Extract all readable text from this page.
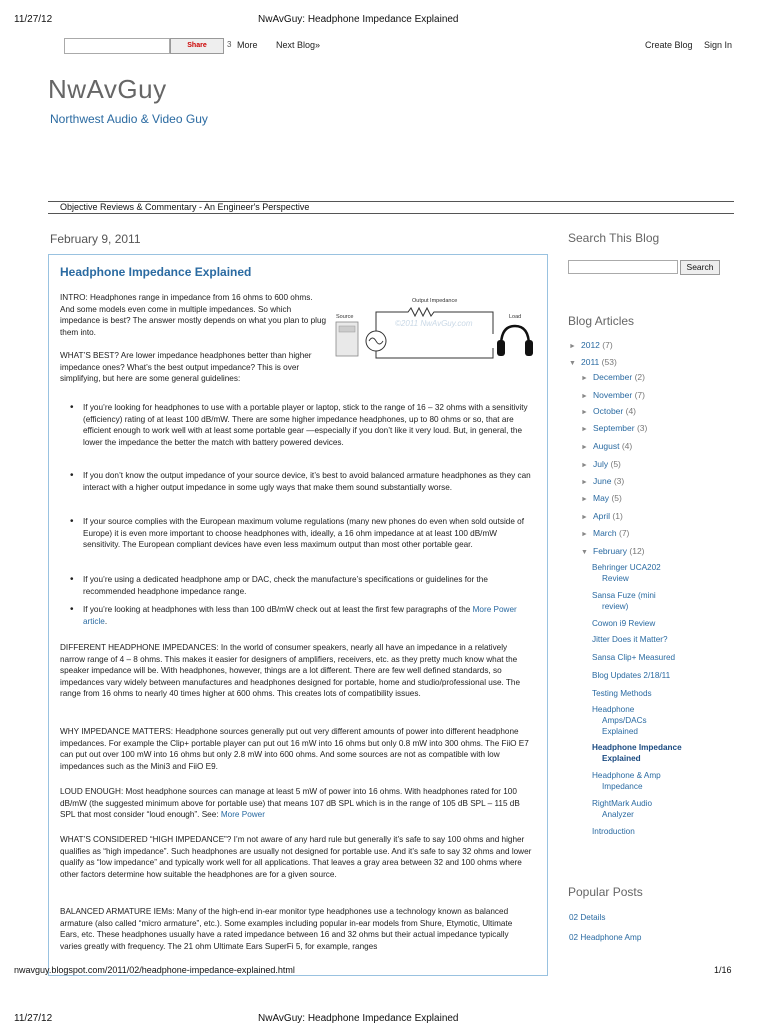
11/27/12	NwAvGuy: Headphone Impedance Explained
Share	3 More Next Blog»	Create Blog Sign In
NwAvGuy
Northwest Audio & Video Guy
Objective Reviews & Commentary - An Engineer's Perspective
February 9, 2011
Headphone Impedance Explained

INTRO: Headphones range in impedance from 16 ohms to 600 ohms. And some models even come in multiple impedances. So which impedance is best? The answer mostly depends on what you plan to plug them into.

WHAT’S BEST? Are lower impedance headphones better than higher impedance ones? What’s the best output impedance? This is over simplifying, but here are some general guidelines:

Output Impedance
Source	Load
©2011 NwAvGuy.com
• If you’re looking for headphones to use with a portable player or laptop, stick to the range of 16 – 32 ohms with a sensitivity (efficiency) rating of at least 100 dB/mW. There are some higher impedance headphones, up to 80 ohms or so, that are efficient enough to work well with at least some portable gear —especially if you don’t like it very loud. But, in general, the lower the impedance the better the match with battery powered devices.
• If you don’t know the output impedance of your source device, it’s best to avoid balanced armature headphones as they can interact with a higher output impedance in some ugly ways that make them sound substantially worse.
• If your source complies with the European maximum volume regulations (many new phones do even when sold outside of Europe) it is even more important to choose headphones with, ideally, a 16 ohm impedance at at least 100 dB/mW sensitivity. The European compliant devices have even less maximum output than most other portable gear.
• If you’re using a dedicated headphone amp or DAC, check the manufacture’s specifications or guidelines for the recommended headphone impedance range.
• If you’re looking at headphones with less than 100 dB/mW check out at least the first few paragraphs of the More Power article.

DIFFERENT HEADPHONE IMPEDANCES: In the world of consumer speakers, nearly all have an impedance in a relatively narrow range of 4 – 8 ohms. This makes it easier for designers of amplifiers, receivers, etc. as they pretty much know what the speaker impedance will be. With headphones, however, things are a lot different. There are few well defined standards, so impedances vary widely between manufactures and headphones designed for portable, home and studio/professional use. The range from 16 ohms to nearly 40 times higher at 600 ohms. This creates lots of compatibility issues.

WHY IMPEDANCE MATTERS: Headphone sources generally put out very different amounts of power into different headphone impedances. For example the Clip+ portable player can put out 16 mW into 16 ohms but only 0.8 mW into 300 ohms. The FiiO E7 can put out over 100 mW into 16 ohms but only 2.8 mW into 600 ohms. And some sources are not as compatible with low impedances such as the Mini3 and FiiO E9.

LOUD ENOUGH: Most headphone sources can manage at least 5 mW of power into 16 ohms. With headphones rated for 100 dB/mW (the suggested minimum above for portable use) that means 107 dB SPL which is in the range of 105 dB SPL – 115 dB SPL that most consider “loud enough”. See: More Power

WHAT’S CONSIDERED “HIGH IMPEDANCE”? I’m not aware of any hard rule but generally it’s safe to say 100 ohms and higher qualifies as “high impedance”. Such headphones are usually not designed for portable use. And it’s safe to say 32 ohms and lower qualify as “low impedance” and typically work well for all applications. That leaves a gray area between 32 and 100 ohms where other factors determine how suitable the headphones are for a given source.

BALANCED ARMATURE IEMs: Many of the high-end in-ear monitor type headphones use a technology known as balanced armature (also called “micro armature”, etc.). Some examples including popular in-ear models from Shure, Etymotic, Ultimate Ears, etc. These headphones usually have a rated impedance between 16 and 32 ohms but their actual impedance typically varies greatly with frequency. The 21 ohm Ultimate Ears SuperFi 5, for example, ranges

Search This Blog
Search
Blog Articles
► 2012 (7)
▼ 2011 (53)
► December (2)
► November (7)
► October (4)
► September (3)
► August (4)
► July (5)
► June (3)
► May (5)
► April (1)
► March (7)
▼ February (12)
Behringer UCA202
Review
Sansa Fuze (mini
review)
Cowon i9 Review
Jitter Does it Matter?
Sansa Clip+ Measured
Blog Updates 2/18/11
Testing Methods
Headphone
Amps/DACs
Explained
Headphone Impedance
Explained
Headphone & Amp
Impedance
RightMark Audio
Analyzer
Introduction
Popular Posts
02 Details
02 Headphone Amp
nwavguy.blogspot.com/2011/02/headphone-impedance-explained.html	1/16
11/27/12	NwAvGuy: Headphone Impedance Explained
